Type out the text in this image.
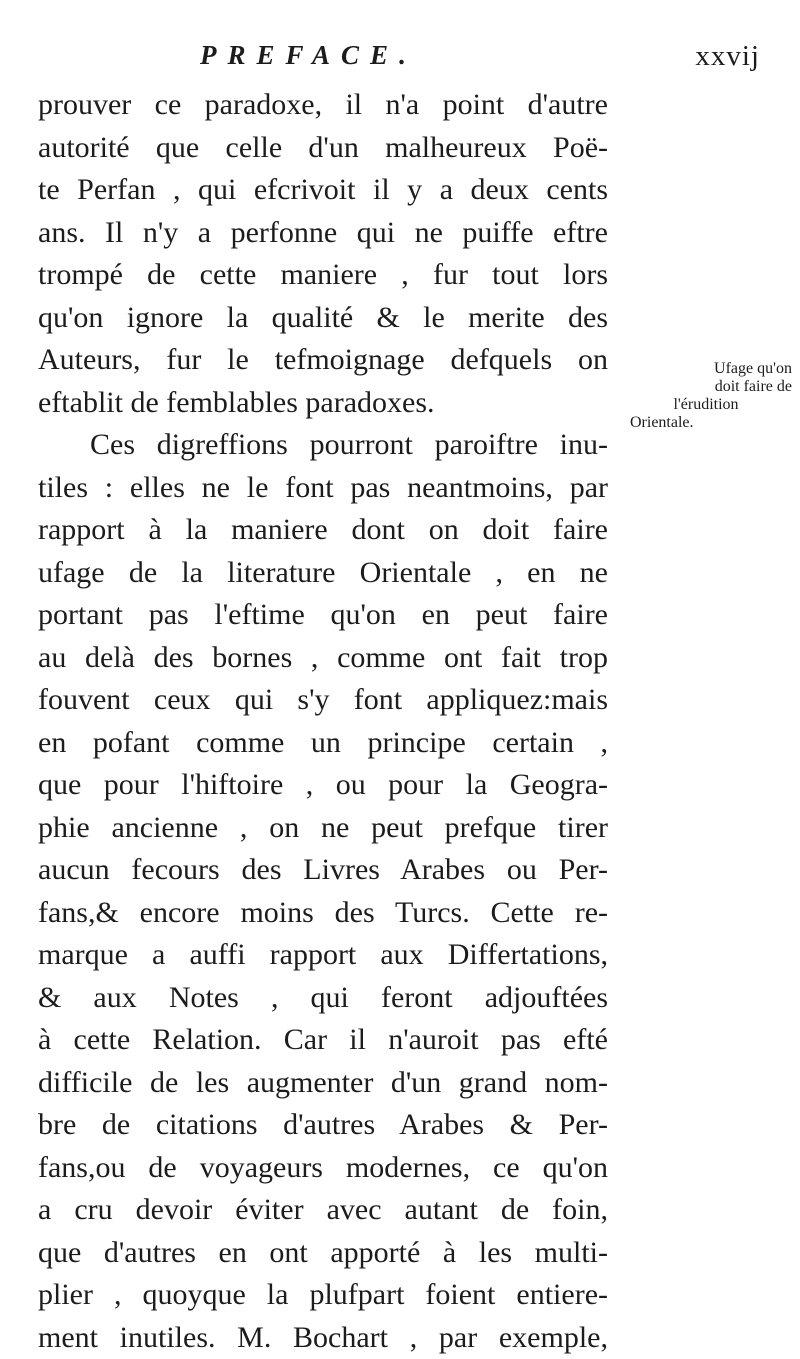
PREFACE.	xxvij
prouver ce paradoxe, il n'a point d'autre
autorité que celle d'un malheureux Poë-
te Perfan , qui efcrivoit il y a deux cents
ans. Il n'y a perfonne qui ne puiffe eftre
trompé de cette maniere , fur tout lors
qu'on ignore la qualité & le merite des
Auteurs, fur le tefmoignage defquels on
eftablit de femblables paradoxes.
Ces digreffions pourront paroiftre inu-
tiles : elles ne le font pas neantmoins, par
rapport à la maniere dont on doit faire
ufage de la literature Orientale , en ne
portant pas l'eftime qu'on en peut faire
au delà des bornes , comme ont fait trop
fouvent ceux qui s'y font appliquez:mais
en pofant comme un principe certain ,
que pour l'hiftoire , ou pour la Geogra-
phie ancienne , on ne peut prefque tirer
aucun fecours des Livres Arabes ou Per-
fans,& encore moins des Turcs. Cette re-
marque a auffi rapport aux Differtations,
& aux Notes , qui feront adjouftées
à cette Relation. Car il n'auroit pas efté
difficile de les augmenter d'un grand nom-
bre de citations d'autres Arabes & Per-
fans,ou de voyageurs modernes, ce qu'on
a cru devoir éviter avec autant de foin,
que d'autres en ont apporté à les multi-
plier , quoyque la plufpart foient entiere-
ment inutiles. M. Bochart , par exemple,
Ufage qu'on
doit faire de
l'érudition
Orientale.
